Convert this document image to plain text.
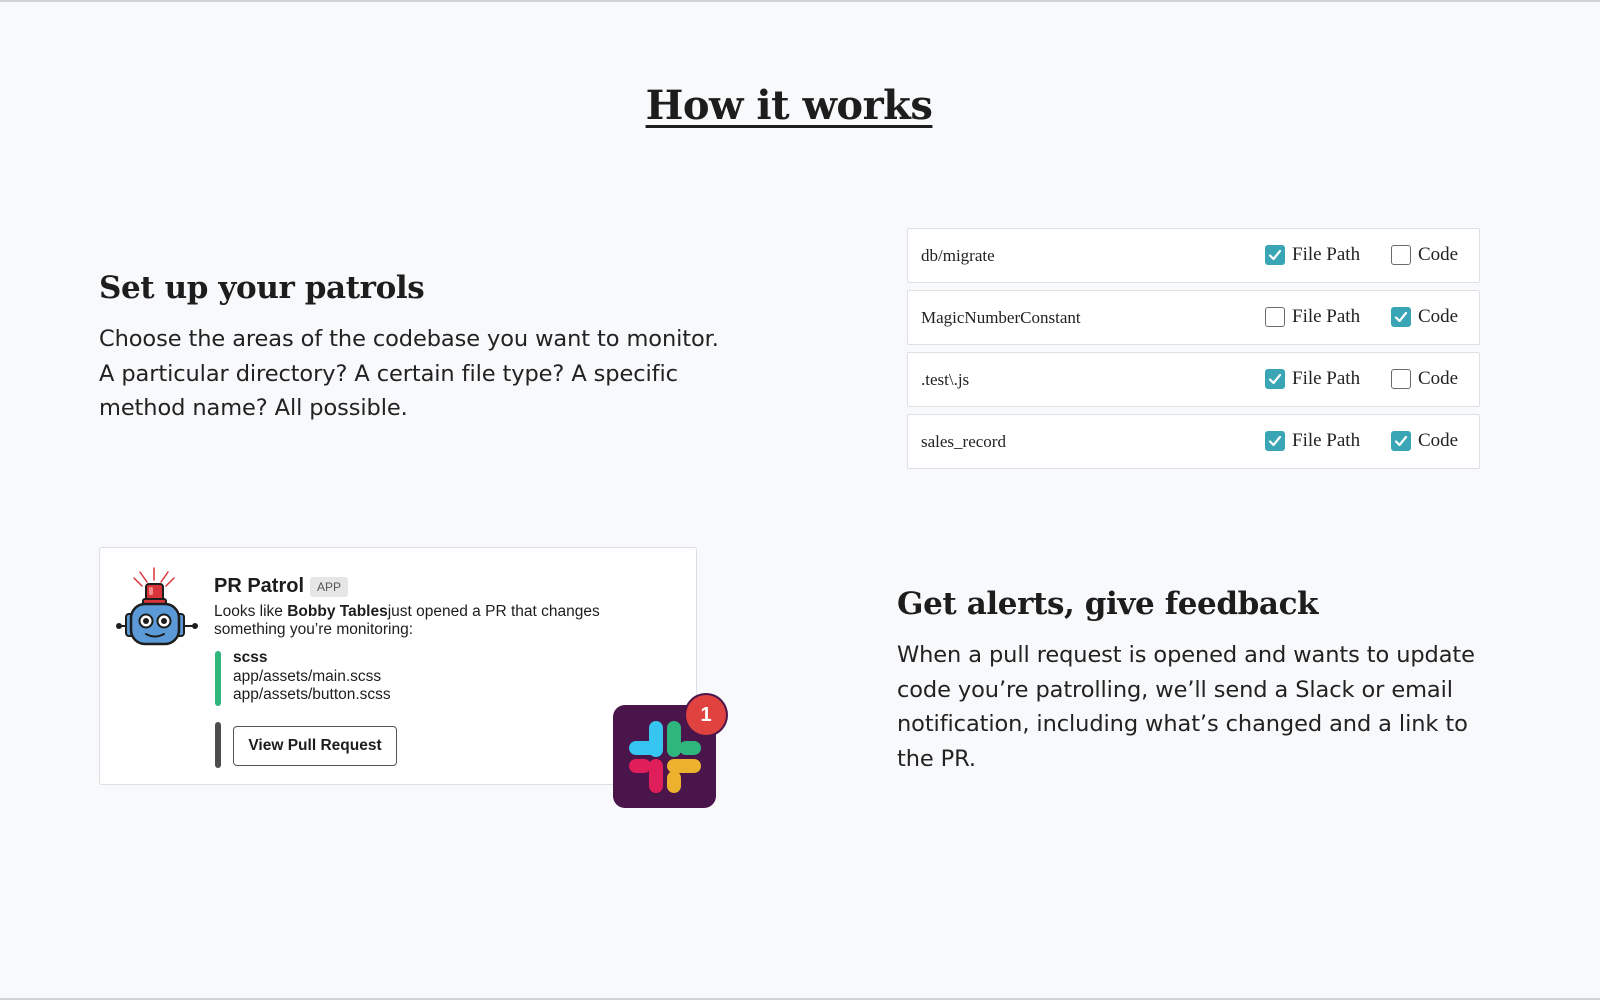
How it works
Set up your patrols

Choose the areas of the codebase you want to monitor. A particular directory? A certain file type? A specific method name? All possible.

db/migrate	File Path	Code
MagicNumberConstant	File Path	Code
.test\.js	File Path	Code
sales_record	File Path	Code
PR Patrol	APP
Looks like Bobby Tablesjust opened a PR that changes something you’re monitoring:
scss
app/assets/main.scss
app/assets/button.scss
View Pull Request
1
Get alerts, give feedback

When a pull request is opened and wants to update code you’re patrolling, we’ll send a Slack or email notification, including what’s changed and a link to the PR.
